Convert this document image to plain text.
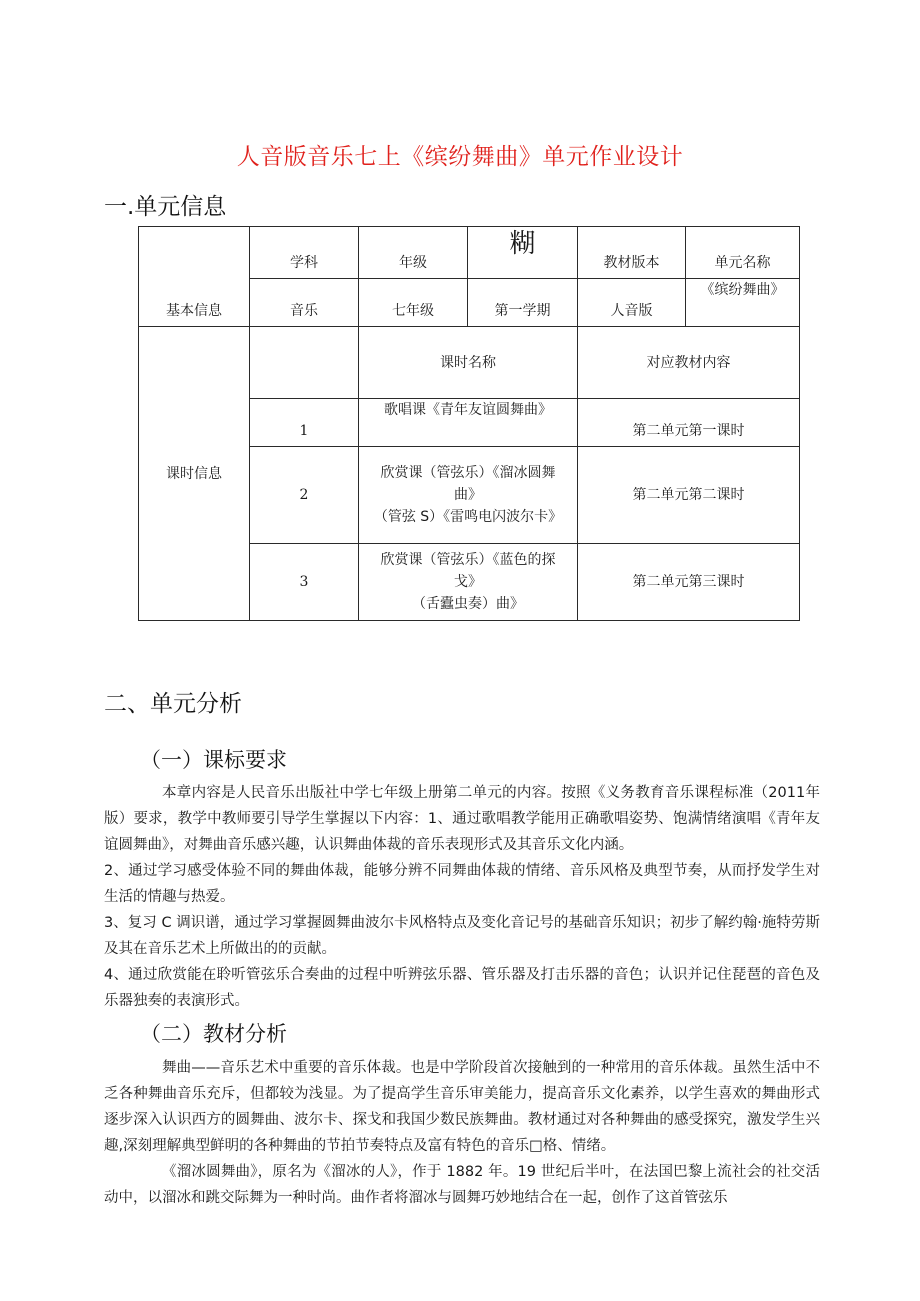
人音版音乐七上《缤纷舞曲》单元作业设计
一.单元信息
基本信息	学科	年级	糊	教材版本	单元名称
	音乐	七年级	第一学期	人音版	《缤纷舞曲》
课时信息		课时名称		对应教材内容	
	1	歌唱课《青年友谊圆舞曲》		第二单元第一课时	
	2	欣赏课（管弦乐）《溜冰圆舞
曲》
（管弦 S）《雷鸣电闪波尔卡》		第二单元第二课时	
	3	欣赏课（管弦乐）《蓝色的探
戈》
（舌蠹虫奏）曲》		第二单元第三课时	
二、单元分析
（一）课标要求

本章内容是人民音乐出版社中学七年级上册第二单元的内容。按照《义务教育音乐课程标准（2011年版）要求，教学中教师要引导学生掌握以下内容：1、通过歌唱教学能用正确歌唱姿势、饱满情绪演唱《青年友谊圆舞曲》，对舞曲音乐感兴趣，认识舞曲体裁的音乐表现形式及其音乐文化内涵。

2、通过学习感受体验不同的舞曲体裁，能够分辨不同舞曲体裁的情绪、音乐风格及典型节奏，从而抒发学生对生活的情趣与热爱。

3、复习 C 调识谱，通过学习掌握圆舞曲波尔卡风格特点及变化音记号的基础音乐知识；初步了解约翰·施特劳斯及其在音乐艺术上所做出的的贡献。

4、通过欣赏能在聆听管弦乐合奏曲的过程中听辨弦乐器、管乐器及打击乐器的音色；认识并记住琵琶的音色及乐器独奏的表演形式。

（二）教材分析

舞曲——音乐艺术中重要的音乐体裁。也是中学阶段首次接触到的一种常用的音乐体裁。虽然生活中不乏各种舞曲音乐充斥，但都较为浅显。为了提高学生音乐审美能力，提高音乐文化素养，以学生喜欢的舞曲形式逐步深入认识西方的圆舞曲、波尔卡、探戈和我国少数民族舞曲。教材通过对各种舞曲的感受探究，激发学生兴趣,深刻理解典型鲜明的各种舞曲的节拍节奏特点及富有特色的音乐□格、情绪。

《溜冰圆舞曲》，原名为《溜冰的人》，作于 1882 年。19 世纪后半叶，在法国巴黎上流社会的社交活动中，以溜冰和跳交际舞为一种时尚。曲作者将溜冰与圆舞巧妙地结合在一起，创作了这首管弦乐
